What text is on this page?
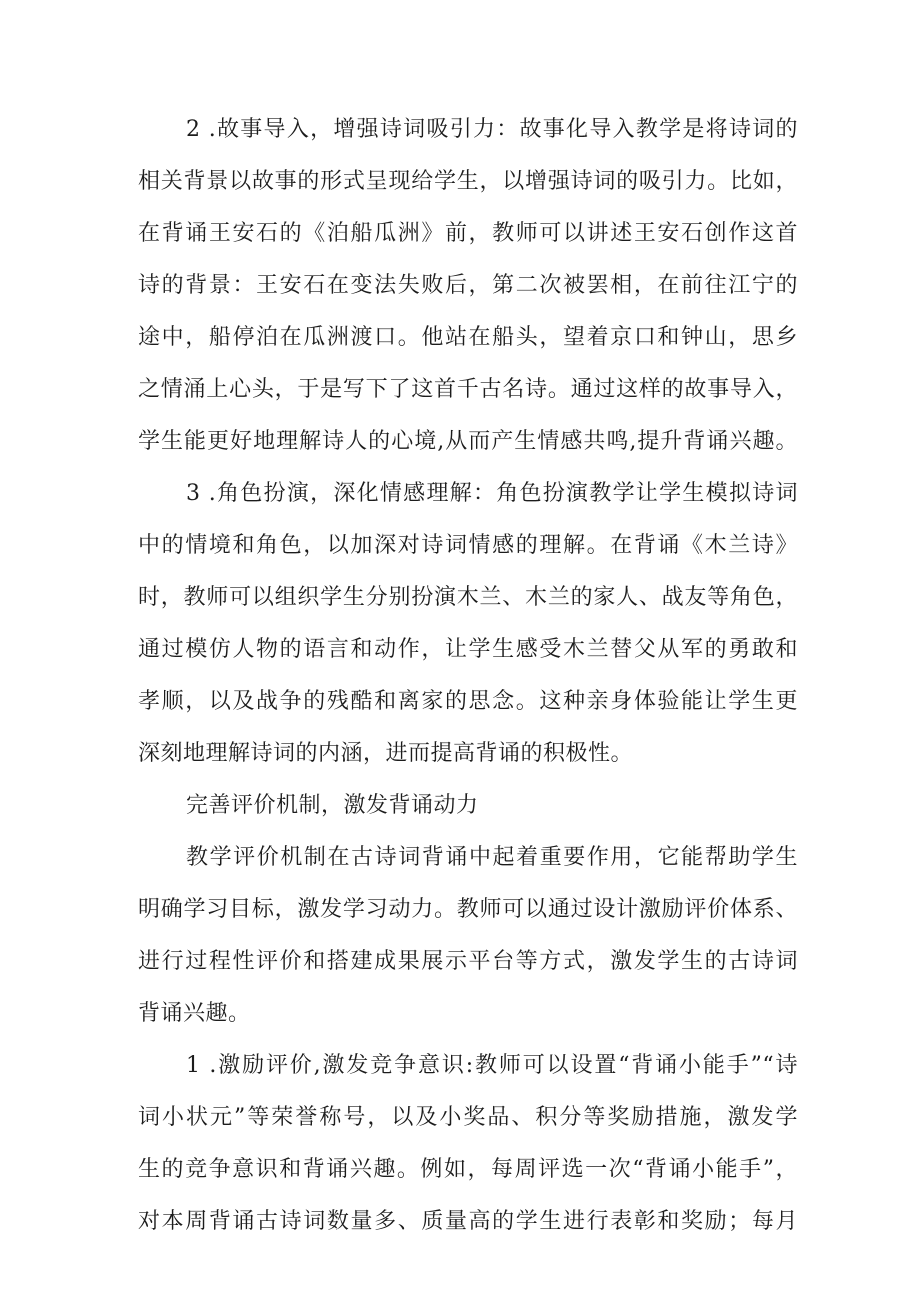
2 .故事导入，增强诗词吸引力：故事化导入教学是将诗词的
相关背景以故事的形式呈现给学生，以增强诗词的吸引力。比如，
在背诵王安石的《泊船瓜洲》前，教师可以讲述王安石创作这首
诗的背景：王安石在变法失败后，第二次被罢相，在前往江宁的
途中，船停泊在瓜洲渡口。他站在船头，望着京口和钟山，思乡
之情涌上心头，于是写下了这首千古名诗。通过这样的故事导入，
学生能更好地理解诗人的心境,从而产生情感共鸣,提升背诵兴趣。
3 .角色扮演，深化情感理解：角色扮演教学让学生模拟诗词
中的情境和角色，以加深对诗词情感的理解。在背诵《木兰诗》
时，教师可以组织学生分别扮演木兰、木兰的家人、战友等角色，
通过模仿人物的语言和动作，让学生感受木兰替父从军的勇敢和
孝顺，以及战争的残酷和离家的思念。这种亲身体验能让学生更
深刻地理解诗词的内涵，进而提高背诵的积极性。
完善评价机制，激发背诵动力
教学评价机制在古诗词背诵中起着重要作用，它能帮助学生
明确学习目标，激发学习动力。教师可以通过设计激励评价体系、
进行过程性评价和搭建成果展示平台等方式，激发学生的古诗词
背诵兴趣。
1 .激励评价,激发竞争意识:教师可以设置“背诵小能手”“诗
词小状元”等荣誉称号，以及小奖品、积分等奖励措施，激发学
生的竞争意识和背诵兴趣。例如，每周评选一次“背诵小能手”，
对本周背诵古诗词数量多、质量高的学生进行表彰和奖励；每月
